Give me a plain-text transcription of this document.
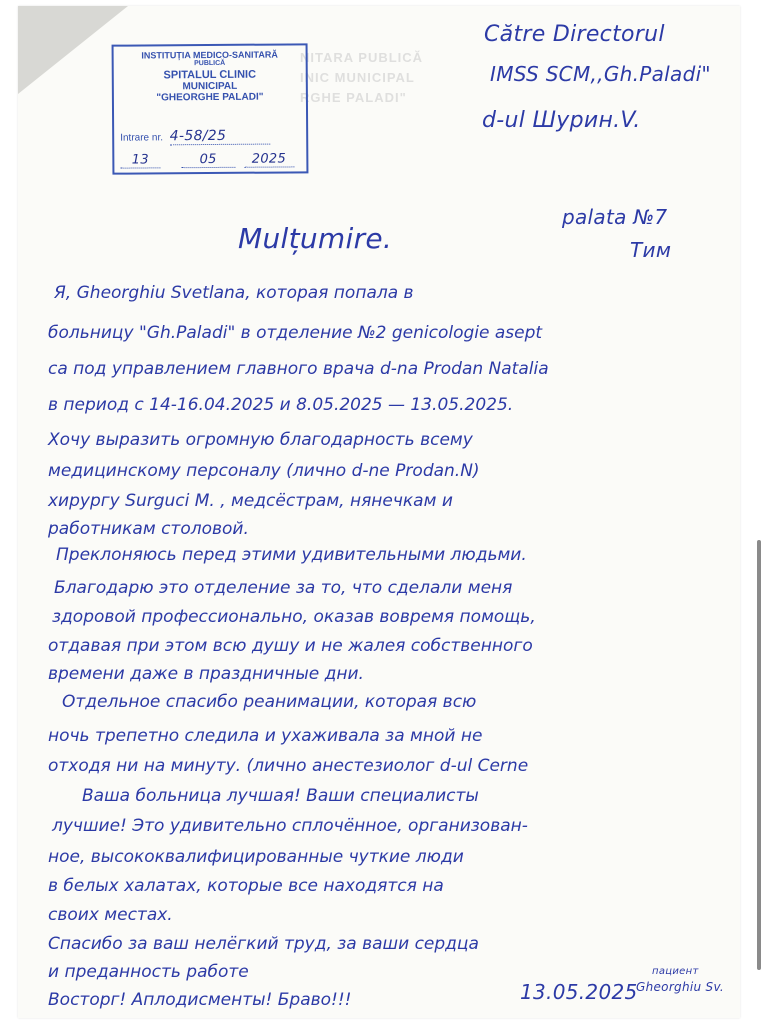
NITARA PUBLICĂ
INIC MUNICIPAL
RGHE PALADI"
INSTITUȚIA MEDICO-SANITARĂ
PUBLICĂ
SPITALUL CLINIC
MUNICIPAL
"GHEORGHE PALADI"
Intrare nr. 4-58/25
13	05	2025
Către Directorul
IMSS SCM,,Gh.Paladi"
d-ul Шурин.V.
palata №7
Тим
Mulțumire.
Я, Gheorghiu Svetlana, которая попала в
больницу "Gh.Paladi" в отделение №2 genicologie asept
са под управлением главного врача d-na Prodan Natalia
в период с 14-16.04.2025 и 8.05.2025 — 13.05.2025.
Хочу выразить огромную благодарность всему
медицинскому персоналу (лично d-ne Prodan.N)
хирургу Surguci M. , медсёстрам, нянечкам и
работникам столовой.
Преклоняюсь перед этими удивительными людьми.
Благодарю это отделение за то, что сделали меня
здоровой профессионально, оказав вовремя помощь,
отдавая при этом всю душу и не жалея собственного
времени даже в праздничные дни.
Отдельное спасибо реанимации, которая всю
ночь трепетно следила и ухаживала за мной не
отходя ни на минуту. (лично анестезиолог d-ul Cerne
Ваша больница лучшая! Ваши специалисты
лучшие! Это удивительно сплочённое, организован-
ное, высококвалифицированные чуткие люди
в белых халатах, которые все находятся на
своих местах.
Спасибо за ваш нелёгкий труд, за ваши сердца
и преданность работе
Восторг! Аплодисменты! Браво!!!	13.05.2025
пациент
Gheorghiu Sv.
